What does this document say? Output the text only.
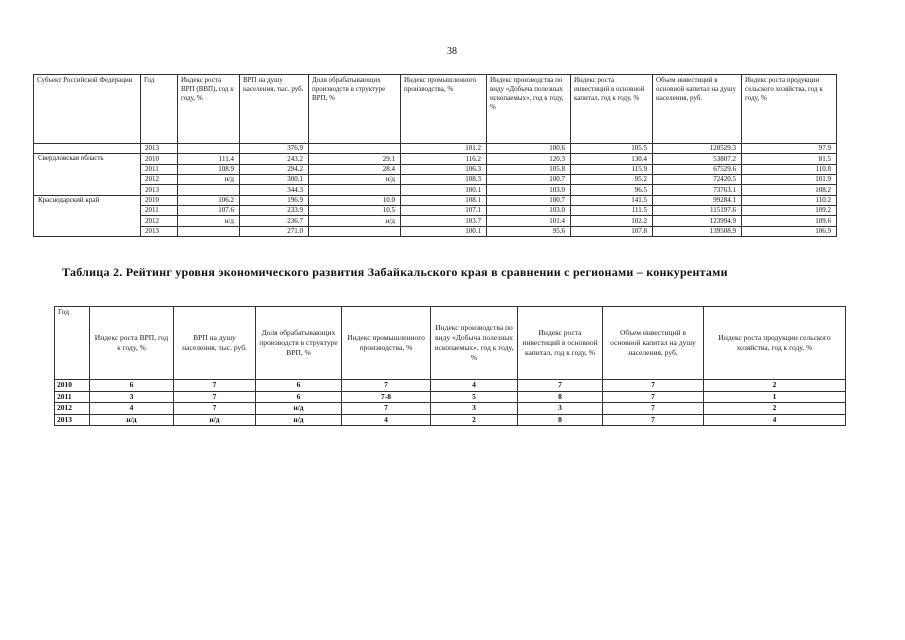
38
Субъект Российской Федерации	Год	Индекс роста ВРП (ВВП), год к году, %	ВРП на душу населения, тыс. руб.	Доля обрабатывающих производств в структуре ВРП, %	Индекс промышленного производства, %	Индекс производства по виду «Добыча полезных ископаемых», год к году, %	Индекс роста инвестиций в основной капитал, год к году, %	Объем инвестиций в основной капитал на душу населения, руб.	Индекс роста продукции сельского хозяйства, год к году, %
	2013		376.9		101.2	100.6	105.5	120529.3	97.9
Свердловская область	2010	111.4	243.2	29.1	116.2	120.3	130.4	53807.2	81.5
	2011	108.9	294.2	28.4	106.3	105.8	115.9	67529.6	110.8
	2012	н/д	300.1	н/д	108.3	100.7	95.2	72420.5	101.9
	2013		344.3		100.1	103.0	96.5	73763.1	108.2
Краснодарский край	2010	106.2	196.9	10.0	108.1	100.7	141.5	99284.1	110.2
	2011	107.6	233.9	10.5	107.1	103.0	111.5	115197.6	109.2
	2012	н/д	236.7	н/д	103.7	101.4	102.2	123994.9	109.6
	2013		271.0		100.1	95.6	107.8	139508.9	106.9
Таблица 2. Рейтинг уровня экономического развития Забайкальского края в сравнении с регионами – конкурентами
Год	Индекс роста ВРП, год к году, %	ВРП на душу населения, тыс. руб.	Доля обрабатывающих производств в структуре ВРП, %	Индекс промышленного производства, %	Индекс производства по виду «Добыча полезных ископаемых», год к году, %	Индекс роста инвестиций в основной капитал, год к году, %	Объем инвестиций в основной капитал на душу населения, руб.	Индекс роста продукции сельского хозяйства, год к году, %
2010	6	7	6	7	4	7	7	2
2011	3	7	6	7-8	5	8	7	1
2012	4	7	н/д	7	3	3	7	2
2013	н/д	н/д	н/д	4	2	8	7	4
